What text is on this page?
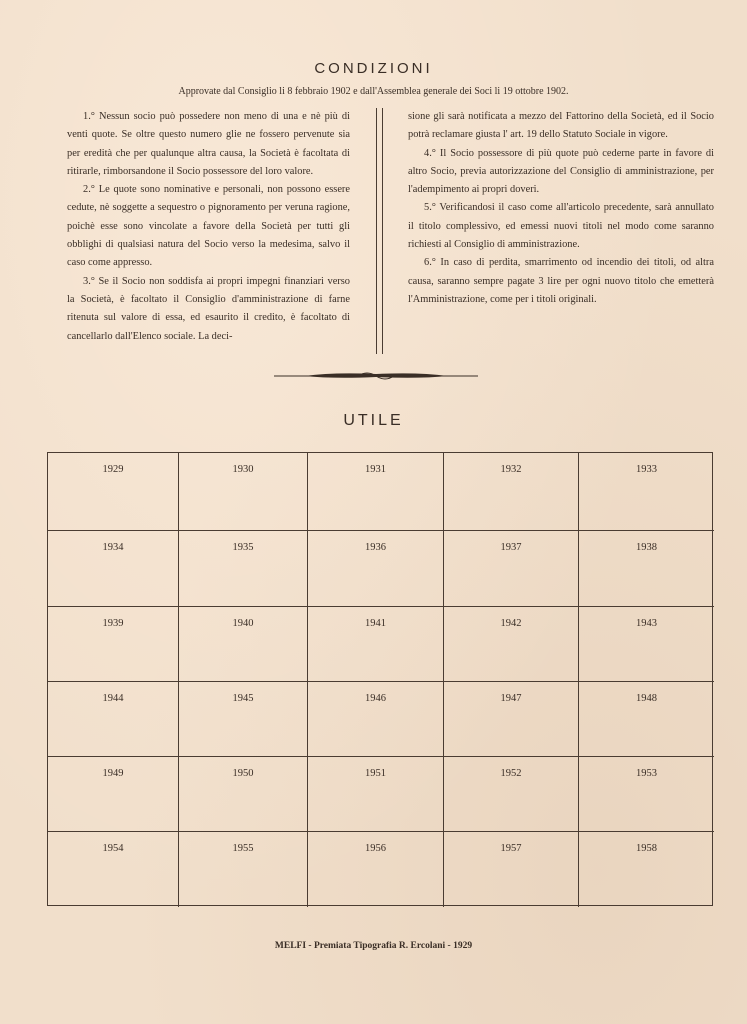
CONDIZIONI
Approvate dal Consiglio li 8 febbraio 1902 e dall'Assemblea generale dei Soci li 19 ottobre 1902.

1.° Nessun socio può possedere non meno di una e nè più di venti quote. Se oltre questo numero glie ne fossero pervenute sia per eredità che per qualunque altra causa, la Società è facoltata di ritirarle, rimborsandone il Socio possessore del loro valore.

2.° Le quote sono nominative e personali, non possono essere cedute, nè soggette a sequestro o pignoramento per veruna ragione, poichè esse sono vincolate a favore della Società per tutti gli obblighi di qualsiasi natura del Socio verso la medesima, salvo il caso come appresso.

3.° Se il Socio non soddisfa ai propri impegni finanziari verso la Società, è facoltato il Consiglio d'amministrazione di farne ritenuta sul valore di essa, ed esaurito il credito, è facoltato di cancellarlo dall'Elenco sociale. La deci-

sione gli sarà notificata a mezzo del Fattorino della Società, ed il Socio potrà reclamare giusta l' art. 19 dello Statuto Sociale in vigore.

4.° Il Socio possessore di più quote può cederne parte in favore di altro Socio, previa autorizzazione del Consiglio di amministrazione, per l'adempimento ai propri doveri.

5.° Verificandosi il caso come all'articolo precedente, sarà annullato il titolo complessivo, ed emessi nuovi titoli nel modo come saranno richiesti al Consiglio di amministrazione.

6.° In caso di perdita, smarrimento od incendio dei titoli, od altra causa, saranno sempre pagate 3 lire per ogni nuovo titolo che emetterà l'Amministrazione, come per i titoli originali.

UTILE
1929	1930	1931	1932	1933
1934	1935	1936	1937	1938
1939	1940	1941	1942	1943
1944	1945	1946	1947	1948
1949	1950	1951	1952	1953
1954	1955	1956	1957	1958
MELFI - Premiata Tipografia R. Ercolani - 1929
